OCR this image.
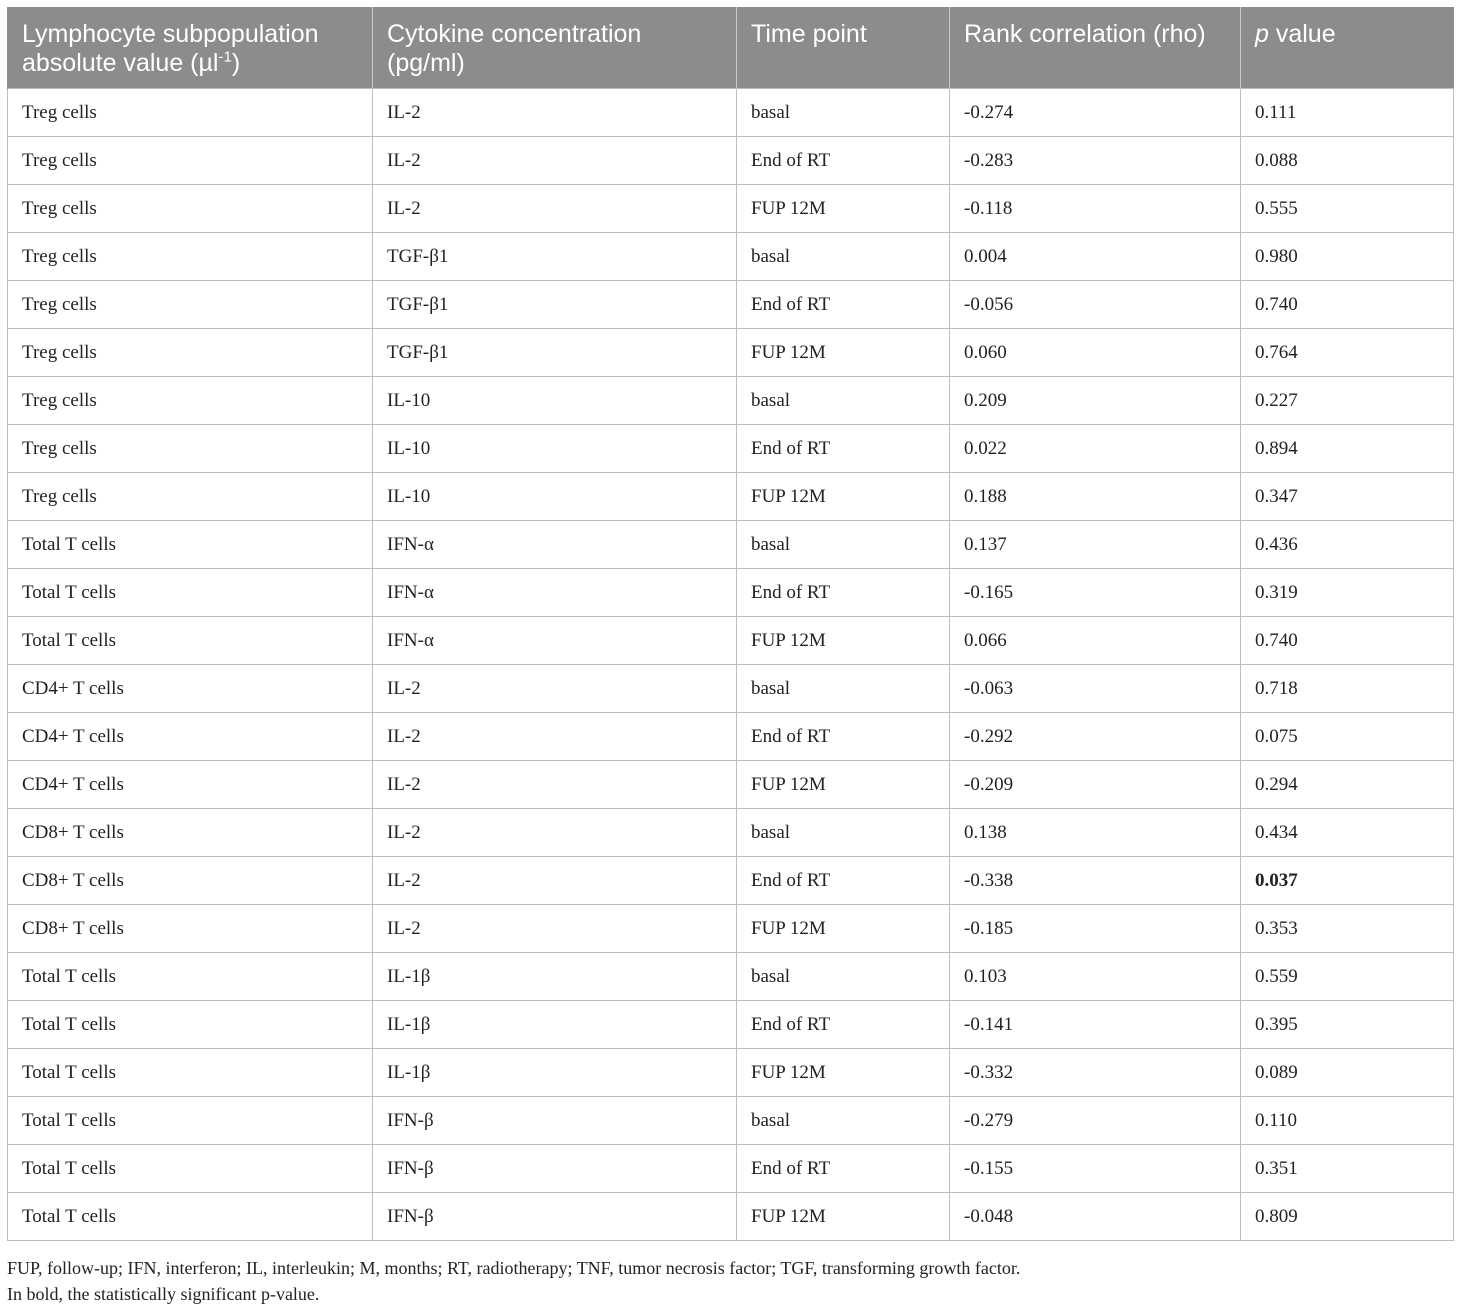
Lymphocyte subpopulation absolute value (µl$^{-1}$)	Cytokine concentration (pg/ml)	Time point	Rank correlation (rho)	p value
Treg cells	IL-2	basal	-0.274	0.111
Treg cells	IL-2	End of RT	-0.283	0.088
Treg cells	IL-2	FUP 12M	-0.118	0.555
Treg cells	TGF-β1	basal	0.004	0.980
Treg cells	TGF-β1	End of RT	-0.056	0.740
Treg cells	TGF-β1	FUP 12M	0.060	0.764
Treg cells	IL-10	basal	0.209	0.227
Treg cells	IL-10	End of RT	0.022	0.894
Treg cells	IL-10	FUP 12M	0.188	0.347
Total T cells	IFN-α	basal	0.137	0.436
Total T cells	IFN-α	End of RT	-0.165	0.319
Total T cells	IFN-α	FUP 12M	0.066	0.740
CD4+ T cells	IL-2	basal	-0.063	0.718
CD4+ T cells	IL-2	End of RT	-0.292	0.075
CD4+ T cells	IL-2	FUP 12M	-0.209	0.294
CD8+ T cells	IL-2	basal	0.138	0.434
CD8+ T cells	IL-2	End of RT	-0.338	0.037
CD8+ T cells	IL-2	FUP 12M	-0.185	0.353
Total T cells	IL-1β	basal	0.103	0.559
Total T cells	IL-1β	End of RT	-0.141	0.395
Total T cells	IL-1β	FUP 12M	-0.332	0.089
Total T cells	IFN-β	basal	-0.279	0.110
Total T cells	IFN-β	End of RT	-0.155	0.351
Total T cells	IFN-β	FUP 12M	-0.048	0.809

FUP, follow-up; IFN, interferon; IL, interleukin; M, months; RT, radiotherapy; TNF, tumor necrosis factor; TGF, transforming growth factor.

In bold, the statistically significant p-value.
